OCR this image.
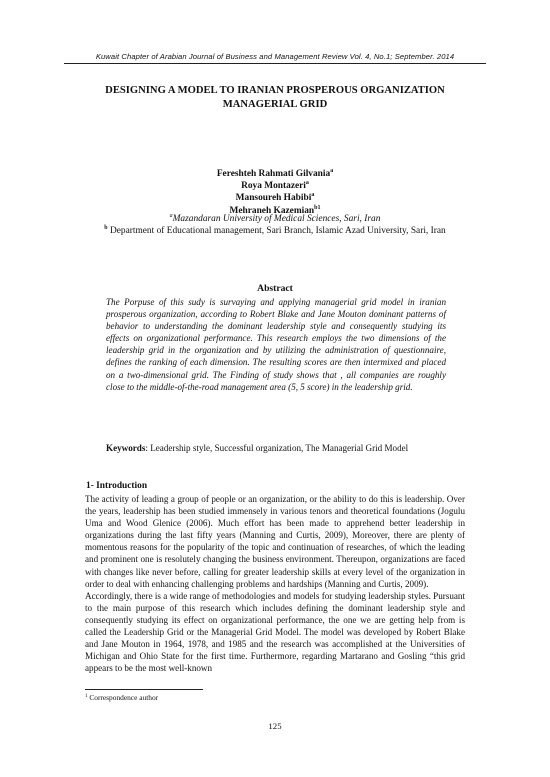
Kuwait Chapter of Arabian Journal of Business and Management Review Vol. 4, No.1; September. 2014
DESIGNING A MODEL TO IRANIAN PROSPEROUS ORGANIZATION
MANAGERIAL GRID
Fereshteh Rahmati Gilvania$^a$
Roya Montazeri$^a$
Mansoureh Habibi$^a$
Mehraneh Kazemian$^{b1}$
$^a$Mazandaran University of Medical Sciences, Sari, Iran
$^b$ Department of Educational management, Sari Branch, Islamic Azad University, Sari, Iran
Abstract
The Porpuse of this sudy is survaying and applying managerial grid model in iranian prosperous organization, according to Robert Blake and Jane Mouton dominant patterns of behavior to understanding the dominant leadership style and consequently studying its effects on organizational performance. This research employs the two dimensions of the leadership grid in the organization and by utilizing the administration of questionnaire, defines the ranking of each dimension. The resulting scores are then intermixed and placed on a two-dimensional grid. The Finding of study shows that , all companies are roughly close to the middle-of-the-road management area (5, 5 score) in the leadership grid.
Keywords: Leadership style, Successful organization, The Managerial Grid Model
1- Introduction

The activity of leading a group of people or an organization, or the ability to do this is leadership. Over the years, leadership has been studied immensely in various tenors and theoretical foundations (Jogulu Uma and Wood Glenice (2006). Much effort has been made to apprehend better leadership in organizations during the last fifty years (Manning and Curtis, 2009), Moreover, there are plenty of momentous reasons for the popularity of the topic and continuation of researches, of which the leading and prominent one is resolutely changing the business environment. Thereupon, organizations are faced with changes like never before, calling for greater leadership skills at every level of the organization in order to deal with enhancing challenging problems and hardships (Manning and Curtis, 2009).

Accordingly, there is a wide range of methodologies and models for studying leadership styles. Pursuant to the main purpose of this research which includes defining the dominant leadership style and consequently studying its effect on organizational performance, the one we are getting help from is called the Leadership Grid or the Managerial Grid Model. The model was developed by Robert Blake and Jane Mouton in 1964, 1978, and 1985 and the research was accomplished at the Universities of Michigan and Ohio State for the first time. Furthermore, regarding Martarano and Gosling “this grid appears to be the most well-known

$^1$ Correspondence author
125
